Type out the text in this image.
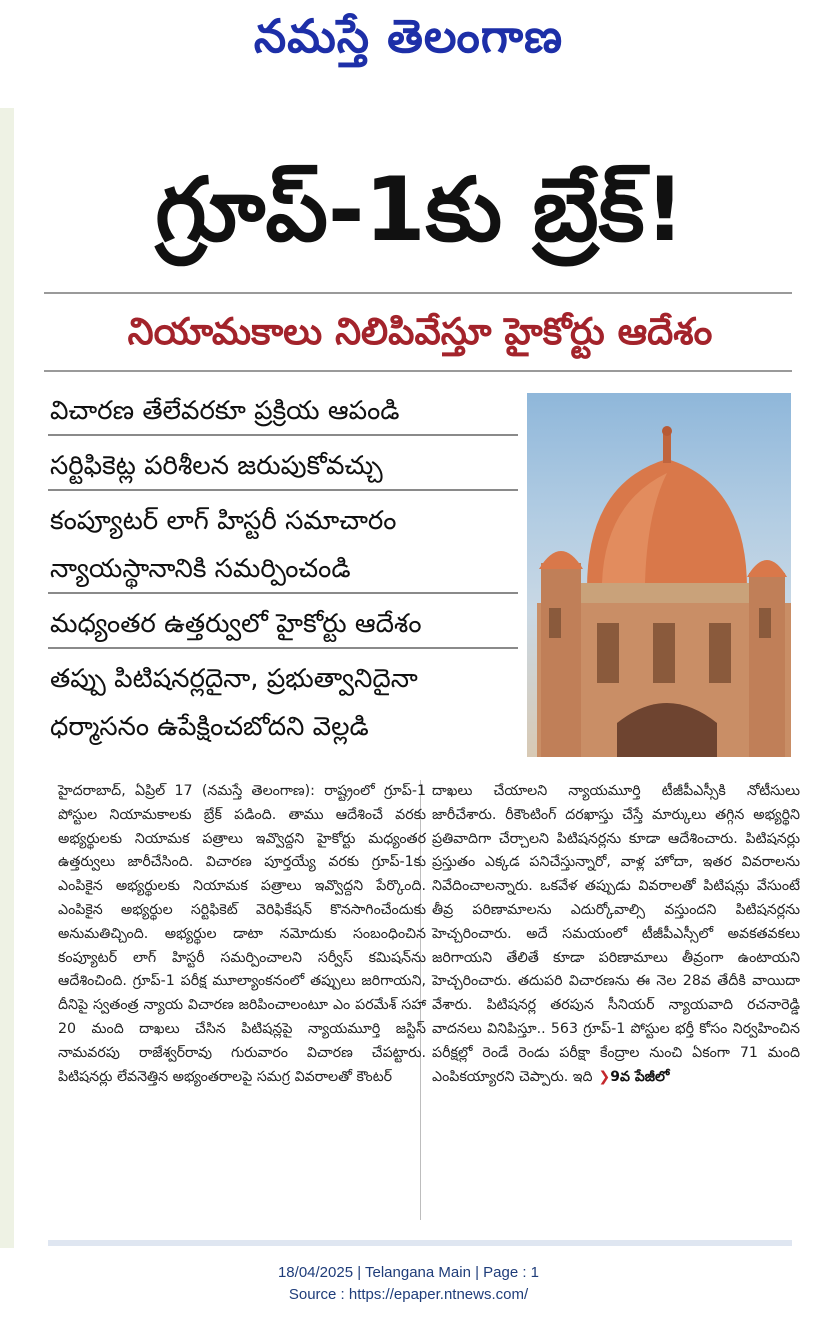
నమస్తే తెలంగాణ
గ్రూప్‌-1కు బ్రేక్‌!
నియామకాలు నిలిపివేస్తూ హైకోర్టు ఆదేశం
విచారణ తేలేవరకూ ప్రక్రియ ఆపండి
సర్టిఫికెట్ల పరిశీలన జరుపుకోవచ్చు
కంప్యూటర్‌ లాగ్‌ హిస్టరీ సమాచారం
న్యాయస్థానానికి సమర్పించండి
మధ్యంతర ఉత్తర్వులో హైకోర్టు ఆదేశం
తప్పు పిటిషనర్లదైనా, ప్రభుత్వానిదైనా
ధర్మాసనం ఉపేక్షించబోదని వెల్లడి

హైదరాబాద్‌, ఏప్రిల్‌ 17 (నమస్తే తెలంగాణ): రాష్ట్రంలో గ్రూప్‌-1 పోస్టుల నియామకాలకు బ్రేక్‌ పడింది. తాము ఆదేశించే వరకు అభ్యర్థులకు నియామక పత్రాలు ఇవ్వొద్దని హైకోర్టు మధ్యంతర ఉత్తర్వులు జారీచేసింది. విచారణ పూర్తయ్యే వరకు గ్రూప్‌-1కు ఎంపికైన అభ్యర్థులకు నియామక పత్రాలు ఇవ్వొద్దని పేర్కొంది. ఎంపికైన అభ్యర్థుల సర్టిఫికెట్‌ వెరిఫికేషన్‌ కొనసాగించేందుకు అనుమతిచ్చింది. అభ్యర్థుల డాటా నమోదుకు సంబంధించిన కంప్యూటర్‌ లాగ్‌ హిస్టరీ సమర్పించాలని సర్వీస్‌ కమిషన్‌ను ఆదేశించింది. గ్రూప్‌-1 పరీక్ష మూల్యాంకనంలో తప్పులు జరిగాయని, దీనిపై స్వతంత్ర న్యాయ విచారణ జరిపించాలంటూ ఎం పరమేశ్‌ సహా 20 మంది దాఖలు చేసిన పిటిషన్లపై న్యాయమూర్తి జస్టిస్‌ నామవరపు రాజేశ్వర్‌రావు గురువారం విచారణ చేపట్టారు. పిటిషనర్లు లేవనెత్తిన అభ్యంతరాలపై సమగ్ర వివరాలతో కౌంటర్‌

దాఖలు చేయాలని న్యాయమూర్తి టీజీపీఎస్సీకి నోటీసులు జారీచేశారు. రీకౌంటింగ్‌ దరఖాస్తు చేస్తే మార్కులు తగ్గిన అభ్యర్థిని ప్రతివాదిగా చేర్చాలని పిటిషనర్లను కూడా ఆదేశించారు. పిటిషనర్లు ప్రస్తుతం ఎక్కడ పనిచేస్తున్నారో, వాళ్ల హోదా, ఇతర వివరాలను నివేదించాలన్నారు. ఒకవేళ తప్పుడు వివరాలతో పిటిషన్లు వేసుంటే తీవ్ర పరిణామాలను ఎదుర్కోవాల్సి వస్తుందని పిటిషనర్లను హెచ్చరించారు. అదే సమయంలో టీజీపీఎస్సీలో అవకతవకలు జరిగాయని తేలితే కూడా పరిణామాలు తీవ్రంగా ఉంటాయని హెచ్చరించారు. తదుపరి విచారణను ఈ నెల 28వ తేదీకి వాయిదా వేశారు. పిటిషనర్ల తరపున సీనియర్‌ న్యాయవాది రచనారెడ్డి వాదనలు వినిపిస్తూ.. 563 గ్రూప్‌-1 పోస్టుల భర్తీ కోసం నిర్వహించిన పరీక్షల్లో రెండే రెండు పరీక్షా కేంద్రాల నుంచి ఏకంగా 71 మంది ఎంపికయ్యారని చెప్పారు. ఇది ❯9వ పేజీలో

18/04/2025 | Telangana Main | Page : 1
Source : https://epaper.ntnews.com/
